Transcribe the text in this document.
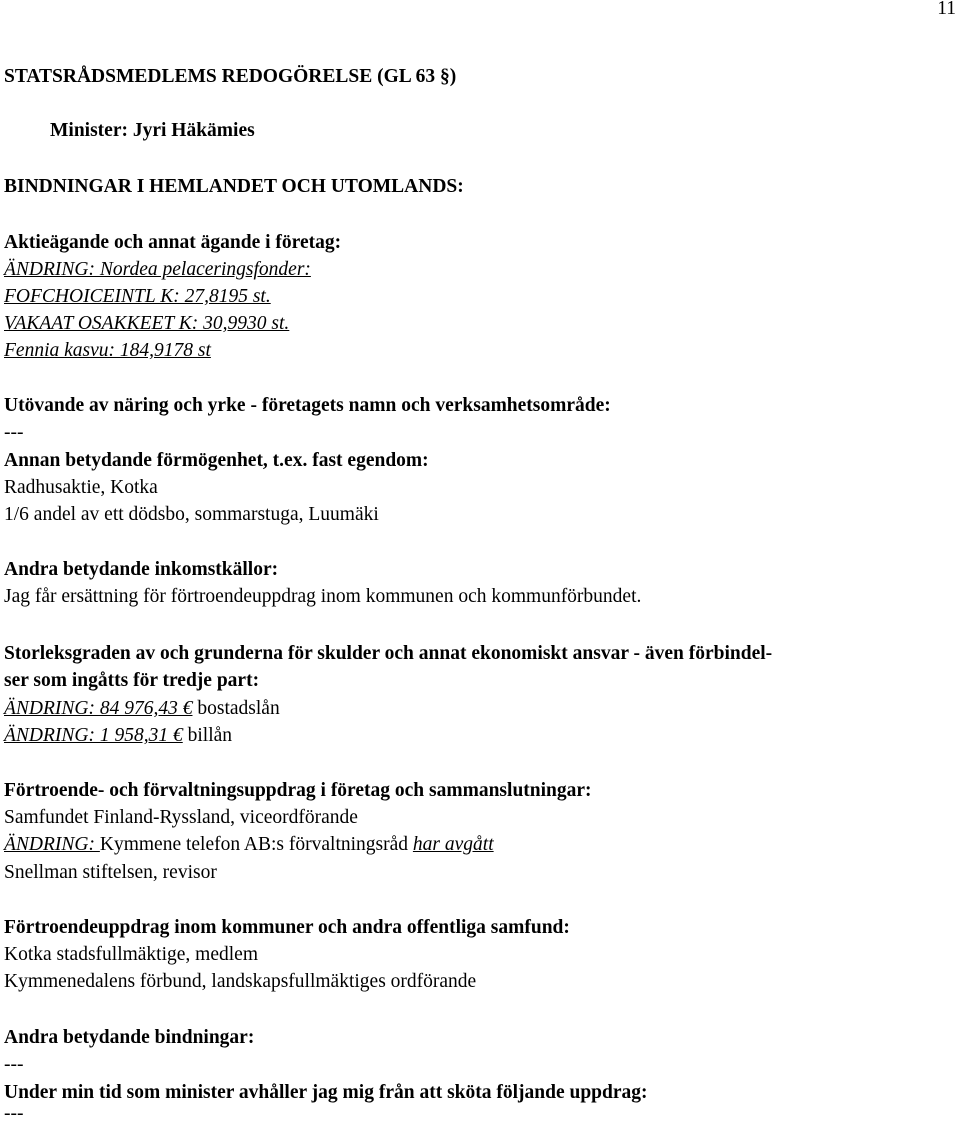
11
STATSRÅDSMEDLEMS REDOGÖRELSE (GL 63 §)
Minister: Jyri Häkämies
BINDNINGAR I HEMLANDET OCH UTOMLANDS:
Aktieägande och annat ägande i företag:
ÄNDRING: Nordea pelaceringsfonder:
FOFCHOICEINTL K: 27,8195 st.
VAKAAT OSAKKEET K: 30,9930 st.
Fennia kasvu: 184,9178 st
Utövande av näring och yrke - företagets namn och verksamhetsområde:
---
Annan betydande förmögenhet, t.ex. fast egendom:
Radhusaktie, Kotka
1/6 andel av ett dödsbo, sommarstuga, Luumäki
Andra betydande inkomstkällor:
Jag får ersättning för förtroendeuppdrag inom kommunen och kommunförbundet.
Storleksgraden av och grunderna för skulder och annat ekonomiskt ansvar - även förbindel-
ser som ingåtts för tredje part:
ÄNDRING: 84 976,43 € bostadslån
ÄNDRING: 1 958,31 € billån
Förtroende- och förvaltningsuppdrag i företag och sammanslutningar:
Samfundet Finland-Ryssland, viceordförande
ÄNDRING: Kymmene telefon AB:s förvaltningsråd har avgått
Snellman stiftelsen, revisor
Förtroendeuppdrag inom kommuner och andra offentliga samfund:
Kotka stadsfullmäktige, medlem
Kymmenedalens förbund, landskapsfullmäktiges ordförande
Andra betydande bindningar:
---
Under min tid som minister avhåller jag mig från att sköta följande uppdrag:
---
